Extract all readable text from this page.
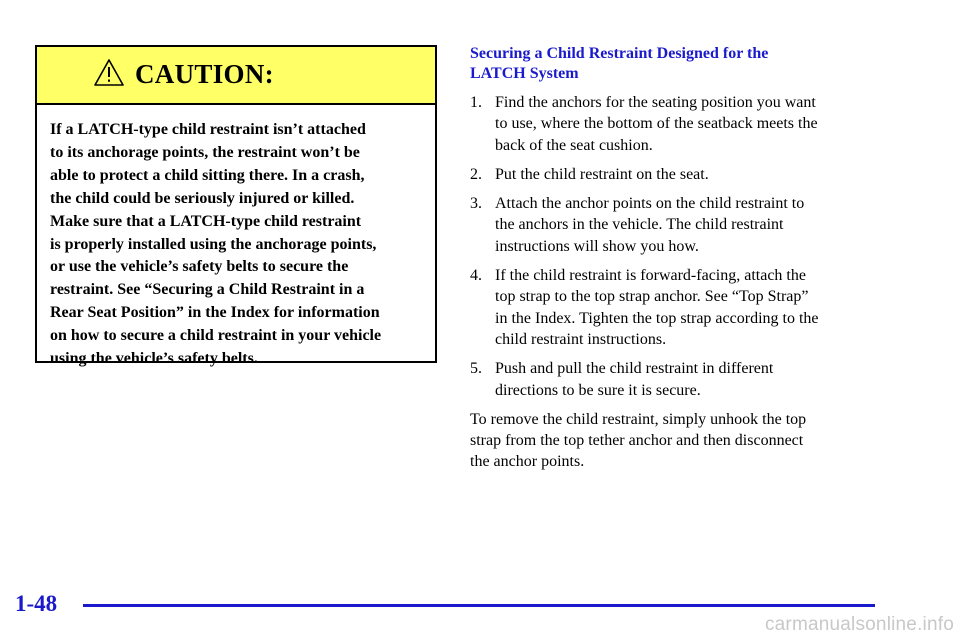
CAUTION:
If a LATCH‐type child restraint isn’t attached
to its anchorage points, the restraint won’t be
able to protect a child sitting there. In a crash,
the child could be seriously injured or killed.
Make sure that a LATCH‐type child restraint
is properly installed using the anchorage points,
or use the vehicle’s safety belts to secure the
restraint. See “Securing a Child Restraint in a
Rear Seat Position” in the Index for information
on how to secure a child restraint in your vehicle
using the vehicle’s safety belts.
Securing a Child Restraint Designed for the
LATCH System
1. Find the anchors for the seating position you want
to use, where the bottom of the seatback meets the
back of the seat cushion.
2. Put the child restraint on the seat.
3. Attach the anchor points on the child restraint to
the anchors in the vehicle. The child restraint
instructions will show you how.
4. If the child restraint is forward‐facing, attach the
top strap to the top strap anchor. See “Top Strap”
in the Index. Tighten the top strap according to the
child restraint instructions.
5. Push and pull the child restraint in different
directions to be sure it is secure.

To remove the child restraint, simply unhook the top
strap from the top tether anchor and then disconnect
the anchor points.

1-48
carmanualsonline.info
